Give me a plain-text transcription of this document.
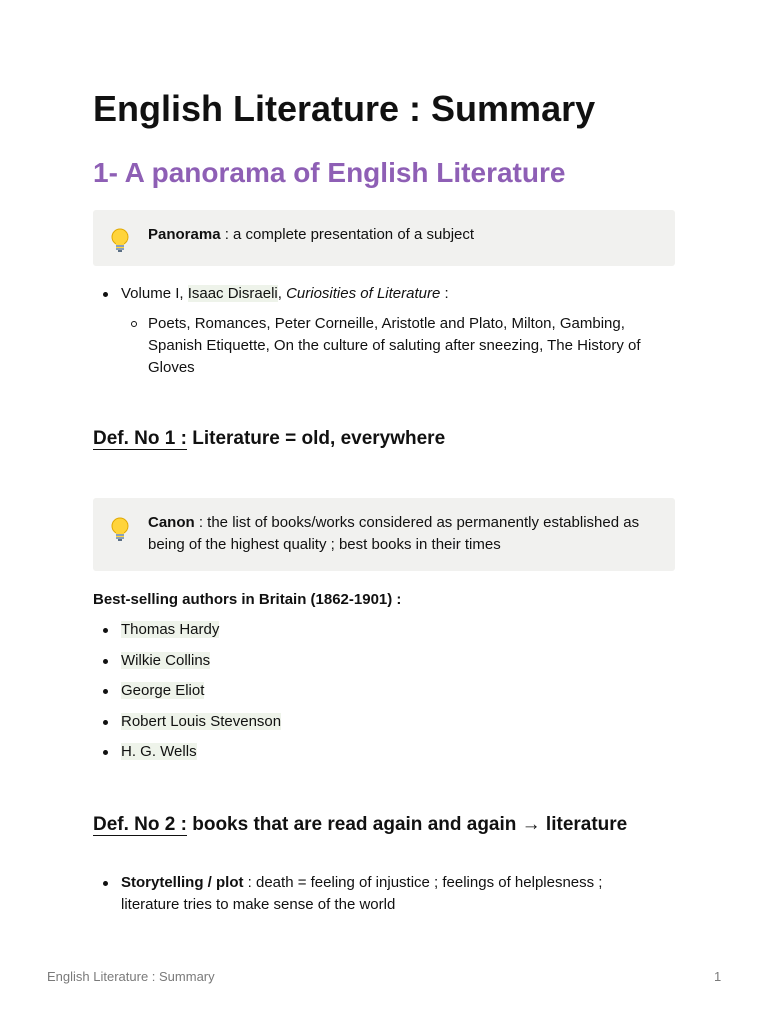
English Literature : Summary
1- A panorama of English Literature
Panorama : a complete presentation of a subject
Volume I, Isaac Disraeli, Curiosities of Literature :
Poets, Romances, Peter Corneille, Aristotle and Plato, Milton, Gambing, Spanish Etiquette, On the culture of saluting after sneezing, The History of Gloves
Def. No 1 : Literature = old, everywhere
Canon : the list of books/works considered as permanently established as being of the highest quality ; best books in their times
Best-selling authors in Britain (1862-1901) :
Thomas Hardy
Wilkie Collins
George Eliot
Robert Louis Stevenson
H. G. Wells
Def. No 2 : books that are read again and again → literature
Storytelling / plot : death = feeling of injustice ; feelings of helplesness ; literature tries to make sense of the world
English Literature : Summary	1
